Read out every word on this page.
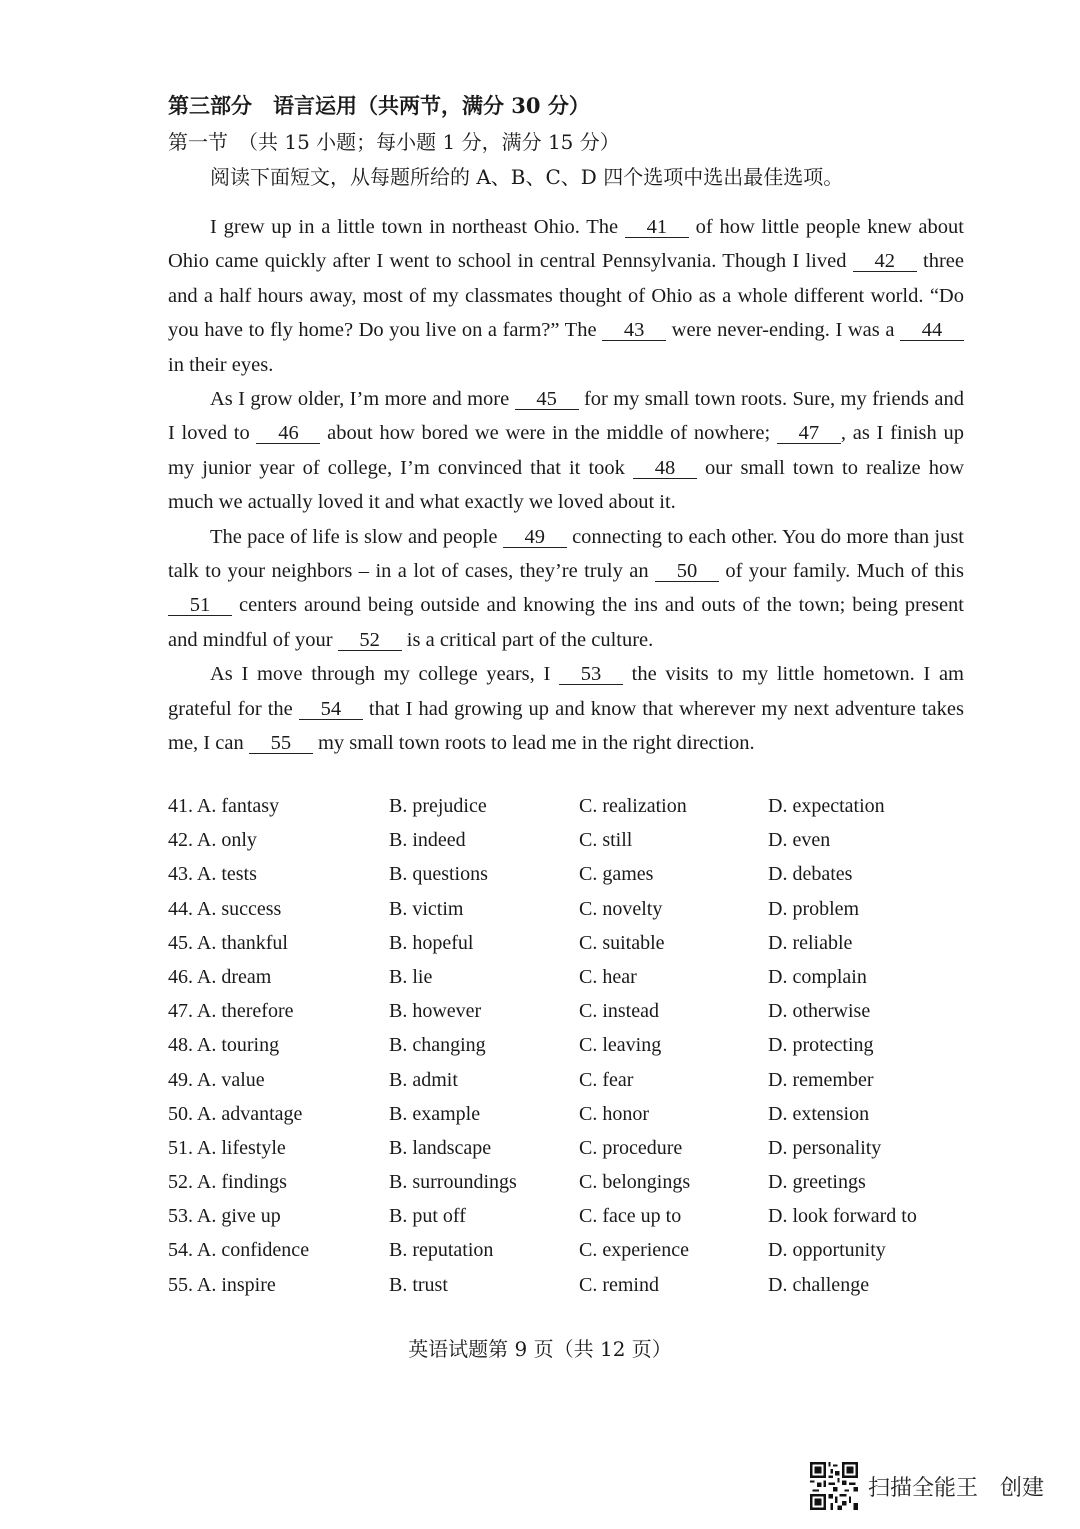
第三部分　语言运用（共两节，满分 30 分）
第一节　（共 15 小题；每小题 1 分，满分 15 分）
阅读下面短文，从每题所给的 A、B、C、D 四个选项中选出最佳选项。

I grew up in a little town in northeast Ohio. The 41 of how little people knew about Ohio came quickly after I went to school in central Pennsylvania. Though I lived 42 three and a half hours away, most of my classmates thought of Ohio as a whole different world. “Do you have to fly home? Do you live on a farm?” The 43 were never-ending. I was a 44 in their eyes.

As I grow older, I’m more and more 45 for my small town roots. Sure, my friends and I loved to 46 about how bored we were in the middle of nowhere; 47 , as I finish up my junior year of college, I’m convinced that it took 48 our small town to realize how much we actually loved it and what exactly we loved about it.

The pace of life is slow and people 49 connecting to each other. You do more than just talk to your neighbors – in a lot of cases, they’re truly an 50 of your family. Much of this 51 centers around being outside and knowing the ins and outs of the town; being present and mindful of your 52 is a critical part of the culture.

As I move through my college years, I 53 the visits to my little hometown. I am grateful for the 54 that I had growing up and know that wherever my next adventure takes me, I can 55 my small town roots to lead me in the right direction.

41. A. fantasy	B. prejudice	C. realization	D. expectation
42. A. only	B. indeed	C. still	D. even
43. A. tests	B. questions	C. games	D. debates
44. A. success	B. victim	C. novelty	D. problem
45. A. thankful	B. hopeful	C. suitable	D. reliable
46. A. dream	B. lie	C. hear	D. complain
47. A. therefore	B. however	C. instead	D. otherwise
48. A. touring	B. changing	C. leaving	D. protecting
49. A. value	B. admit	C. fear	D. remember
50. A. advantage	B. example	C. honor	D. extension
51. A. lifestyle	B. landscape	C. procedure	D. personality
52. A. findings	B. surroundings	C. belongings	D. greetings
53. A. give up	B. put off	C. face up to	D. look forward to
54. A. confidence	B. reputation	C. experience	D. opportunity
55. A. inspire	B. trust	C. remind	D. challenge
英语试题第 9 页（共 12 页）
扫描全能王　创建
